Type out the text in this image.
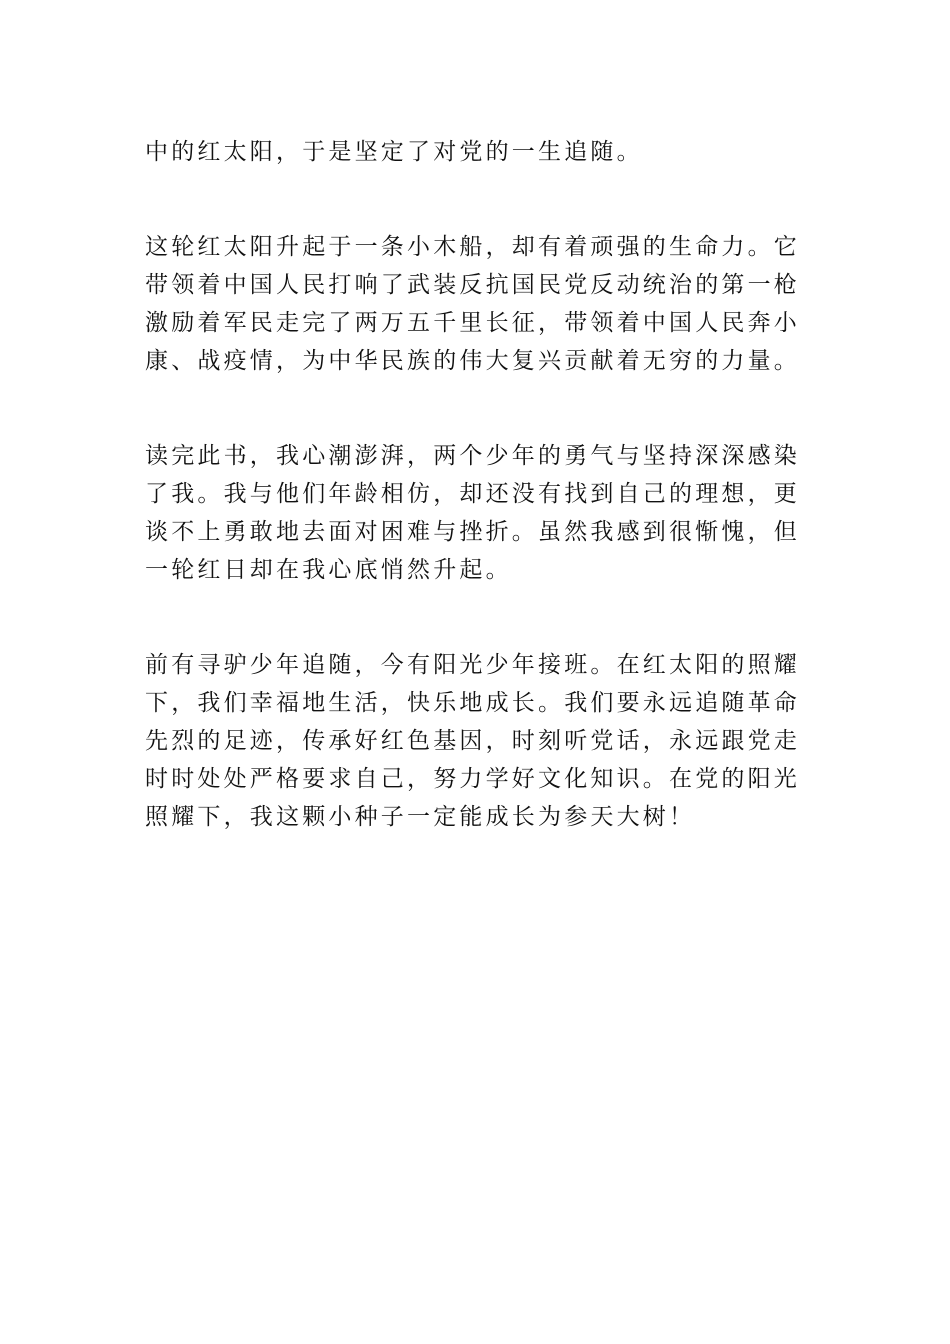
中的红太阳，于是坚定了对党的一生追随。
这轮红太阳升起于一条小木船，却有着顽强的生命力。它
带领着中国人民打响了武装反抗国民党反动统治的第一枪
激励着军民走完了两万五千里长征，带领着中国人民奔小
康、战疫情，为中华民族的伟大复兴贡献着无穷的力量。
读完此书，我心潮澎湃，两个少年的勇气与坚持深深感染
了我。我与他们年龄相仿，却还没有找到自己的理想，更
谈不上勇敢地去面对困难与挫折。虽然我感到很惭愧，但
一轮红日却在我心底悄然升起。
前有寻驴少年追随，今有阳光少年接班。在红太阳的照耀
下，我们幸福地生活，快乐地成长。我们要永远追随革命
先烈的足迹，传承好红色基因，时刻听党话，永远跟党走
时时处处严格要求自己，努力学好文化知识。在党的阳光
照耀下，我这颗小种子一定能成长为参天大树！
